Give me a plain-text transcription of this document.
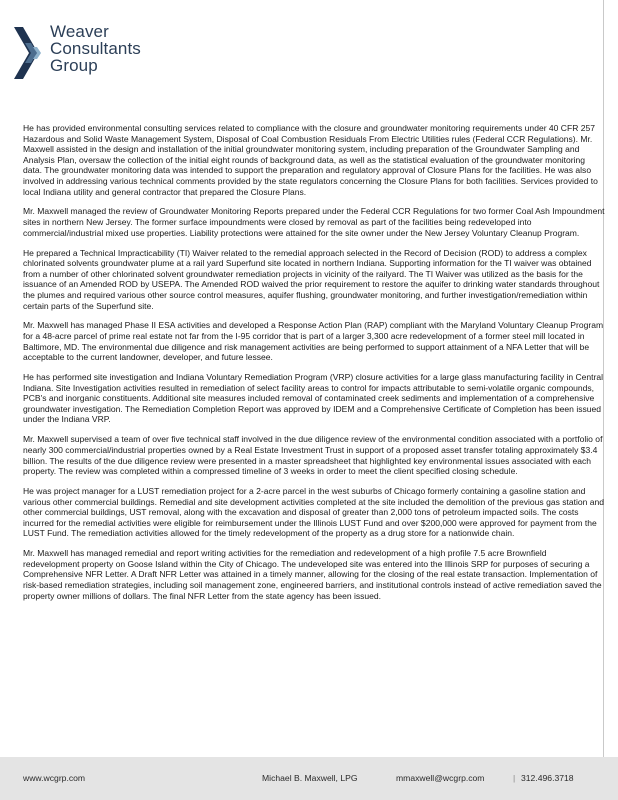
Weaver
Consultants
Group

He has provided environmental consulting services related to compliance with the closure and groundwater monitoring requirements under 40 CFR 257 Hazardous and Solid Waste Management System, Disposal of Coal Combustion Residuals From Electric Utilities rules (Federal CCR Regulations). Mr. Maxwell assisted in the design and installation of the initial groundwater monitoring system, including preparation of the Groundwater Sampling and Analysis Plan, oversaw the collection of the initial eight rounds of background data, as well as the statistical evaluation of the groundwater monitoring data. The groundwater monitoring data was intended to support the preparation and regulatory approval of Closure Plans for the facilities. He was also involved in addressing various technical comments provided by the state regulators concerning the Closure Plans for both facilities. Services provided to local Indiana utility and general contractor that prepared the Closure Plans.

Mr. Maxwell managed the review of Groundwater Monitoring Reports prepared under the Federal CCR Regulations for two former Coal Ash Impoundment sites in northern New Jersey. The former surface impoundments were closed by removal as part of the facilities being redeveloped into commercial/industrial mixed use properties. Liability protections were attained for the site owner under the New Jersey Voluntary Cleanup Program.

He prepared a Technical Impracticability (TI) Waiver related to the remedial approach selected in the Record of Decision (ROD) to address a complex chlorinated solvents groundwater plume at a rail yard Superfund site located in northern Indiana. Supporting information for the TI waiver was obtained from a number of other chlorinated solvent groundwater remediation projects in vicinity of the railyard. The TI Waiver was utilized as the basis for the issuance of an Amended ROD by USEPA. The Amended ROD waived the prior requirement to restore the aquifer to drinking water standards throughout the plumes and required various other source control measures, aquifer flushing, groundwater monitoring, and further investigation/remediation within certain parts of the Superfund site.

Mr. Maxwell has managed Phase II ESA activities and developed a Response Action Plan (RAP) compliant with the Maryland Voluntary Cleanup Program for a 48-acre parcel of prime real estate not far from the I-95 corridor that is part of a larger 3,300 acre redevelopment of a former steel mill located in Baltimore, MD. The environmental due diligence and risk management activities are being performed to support attainment of a NFA Letter that will be acceptable to the current landowner, developer, and future lessee.

He has performed site investigation and Indiana Voluntary Remediation Program (VRP) closure activities for a large glass manufacturing facility in Central Indiana. Site Investigation activities resulted in remediation of select facility areas to control for impacts attributable to semi-volatile organic compounds, PCB's and inorganic constituents. Additional site measures included removal of contaminated creek sediments and implementation of a comprehensive groundwater investigation. The Remediation Completion Report was approved by IDEM and a Comprehensive Certificate of Completion has been issued under the Indiana VRP.

Mr. Maxwell supervised a team of over five technical staff involved in the due diligence review of the environmental condition associated with a portfolio of nearly 300 commercial/industrial properties owned by a Real Estate Investment Trust in support of a proposed asset transfer totaling approximately $3.4 billion. The results of the due diligence review were presented in a master spreadsheet that highlighted key environmental issues associated with each property. The review was completed within a compressed timeline of 3 weeks in order to meet the client specified closing schedule.

He was project manager for a LUST remediation project for a 2-acre parcel in the west suburbs of Chicago formerly containing a gasoline station and various other commercial buildings. Remedial and site development activities completed at the site included the demolition of the previous gas station and other commercial buildings, UST removal, along with the excavation and disposal of greater than 2,000 tons of petroleum impacted soils. The costs incurred for the remedial activities were eligible for reimbursement under the Illinois LUST Fund and over $200,000 were approved for payment from the LUST Fund. The remediation activities allowed for the timely redevelopment of the property as a drug store for a nationwide chain.

Mr. Maxwell has managed remedial and report writing activities for the remediation and redevelopment of a high profile 7.5 acre Brownfield redevelopment property on Goose Island within the City of Chicago. The undeveloped site was entered into the Illinois SRP for purposes of securing a Comprehensive NFR Letter. A Draft NFR Letter was attained in a timely manner, allowing for the closing of the real estate transaction. Implementation of risk-based remediation strategies, including soil management zone, engineered barriers, and institutional controls instead of active remediation saved the property owner millions of dollars. The final NFR Letter from the state agency has been issued.

www.wcgrp.com	Michael B. Maxwell, LPG	mmaxwell@wcgrp.com	| 312.496.3718
